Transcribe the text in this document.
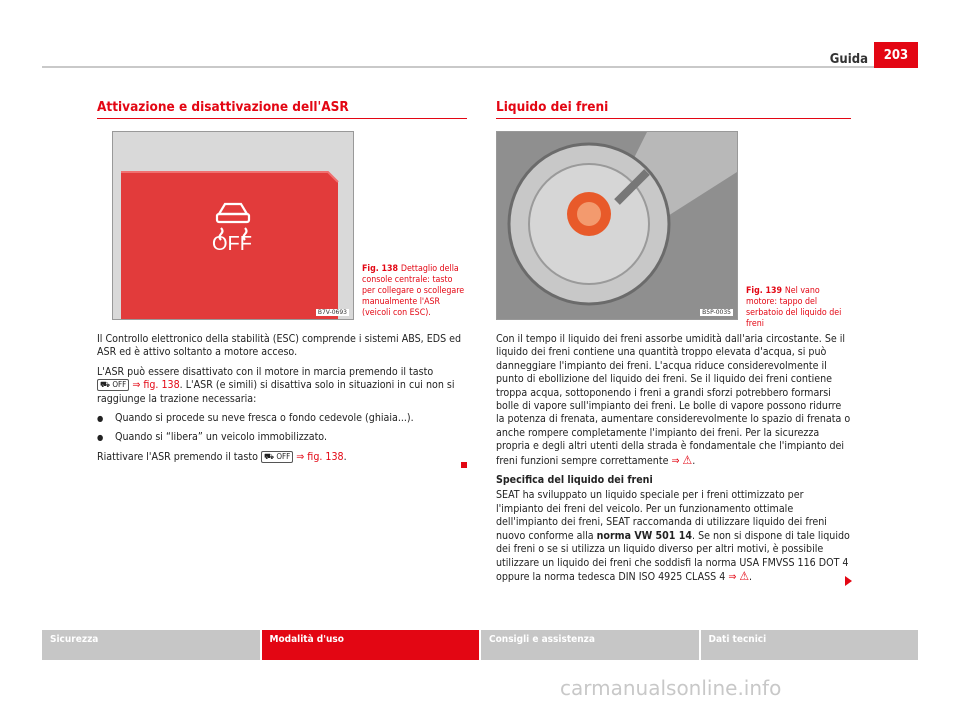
Guida	203
Attivazione e disattivazione dell'ASR
OFF
B7V-0693
Fig. 138 Dettaglio della console centrale: tasto per collegare o scollegare manualmente l'ASR (veicoli con ESC).

Il Controllo elettronico della stabilità (ESC) comprende i sistemi ABS, EDS ed ASR ed è attivo soltanto a motore acceso.

L'ASR può essere disattivato con il motore in marcia premendo il tasto ⛟ OFF ⇒ fig. 138. L'ASR (e simili) si disattiva solo in situazioni in cui non si raggiunge la trazione necessaria:

● Quando si procede su neve fresca o fondo cedevole (ghiaia...).
● Quando si “libera” un veicolo immobilizzato.

Riattivare l'ASR premendo il tasto ⛟ OFF ⇒ fig. 138.

Liquido dei freni
B5P-0035
Fig. 139 Nel vano motore: tappo del serbatoio del liquido dei freni

Con il tempo il liquido dei freni assorbe umidità dall'aria circostante. Se il liquido dei freni contiene una quantità troppo elevata d'acqua, si può danneggiare l'impianto dei freni. L'acqua riduce considerevolmente il punto di ebollizione del liquido dei freni. Se il liquido dei freni contiene troppa acqua, sottoponendo i freni a grandi sforzi potrebbero formarsi bolle di vapore sull'impianto dei freni. Le bolle di vapore possono ridurre la potenza di frenata, aumentare considerevolmente lo spazio di frenata o anche rompere completamente l'impianto dei freni. Per la sicurezza propria e degli altri utenti della strada è fondamentale che l'impianto dei freni funzioni sempre correttamente ⇒ ⚠.

Specifica del liquido dei freni

SEAT ha sviluppato un liquido speciale per i freni ottimizzato per l'impianto dei freni del veicolo. Per un funzionamento ottimale dell'impianto dei freni, SEAT raccomanda di utilizzare liquido dei freni nuovo conforme alla norma VW 501 14. Se non si dispone di tale liquido dei freni o se si utilizza un liquido diverso per altri motivi, è possibile utilizzare un liquido dei freni che soddisfi la norma USA FMVSS 116 DOT 4 oppure la norma tedesca DIN ISO 4925 CLASS 4 ⇒ ⚠.

Sicurezza	Modalità d'uso	Consigli e assistenza	Dati tecnici
carmanualsonline.info
